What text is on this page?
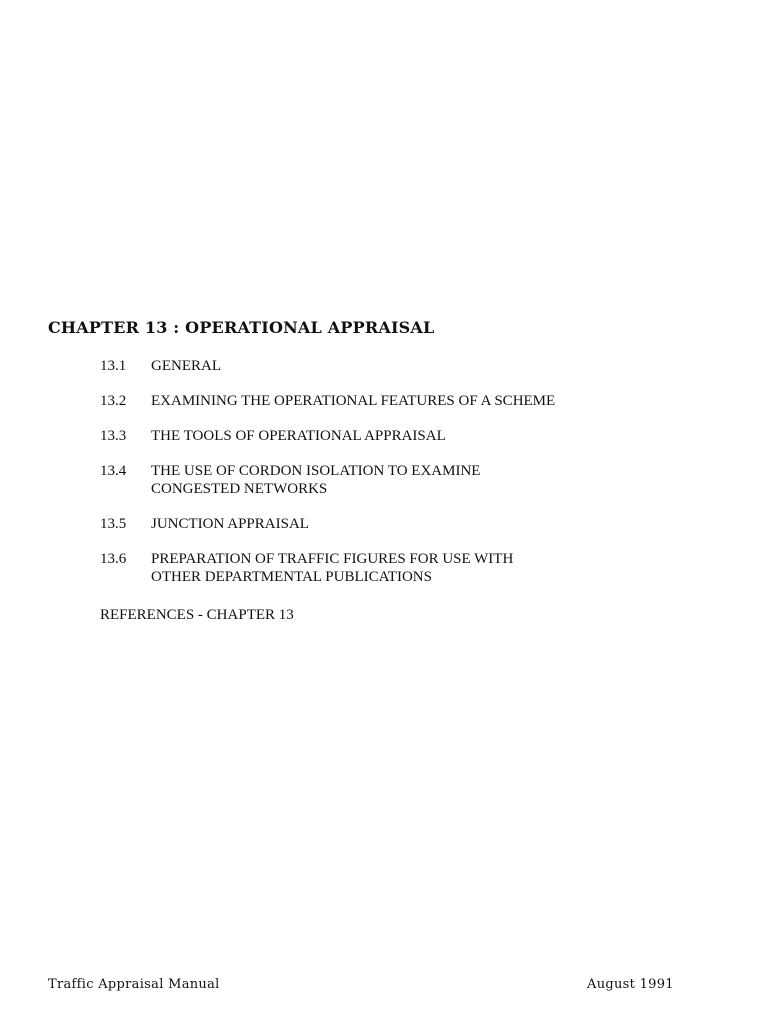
CHAPTER 13 : OPERATIONAL APPRAISAL
13.1	GENERAL
13.2	EXAMINING THE OPERATIONAL FEATURES OF A SCHEME
13.3	THE TOOLS OF OPERATIONAL APPRAISAL
13.4	THE USE OF CORDON ISOLATION TO EXAMINE
CONGESTED NETWORKS
13.5	JUNCTION APPRAISAL
13.6	PREPARATION OF TRAFFIC FIGURES FOR USE WITH
OTHER DEPARTMENTAL PUBLICATIONS
REFERENCES - CHAPTER 13
Traffic Appraisal Manual	August 1991
